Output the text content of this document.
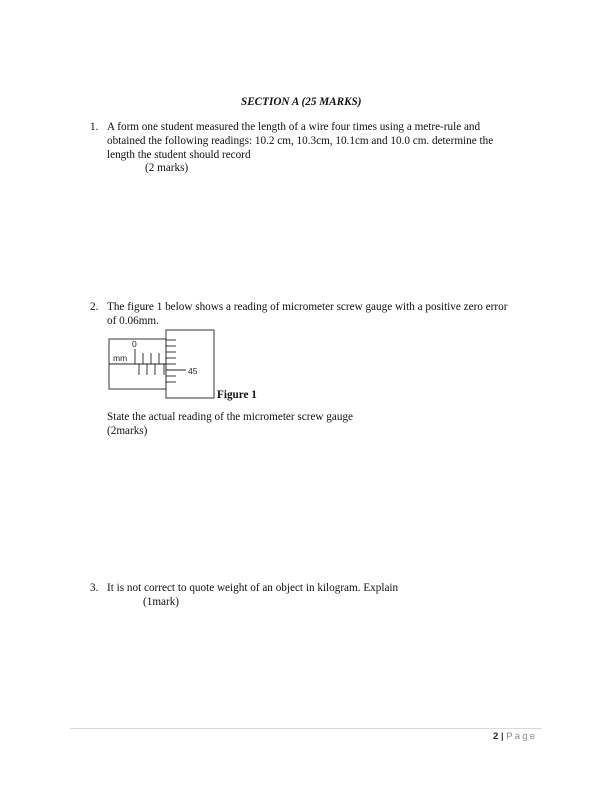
SECTION A (25 MARKS)
1. A form one student measured the length of a wire four times using a metre-rule and
obtained the following readings: 10.2 cm, 10.3cm, 10.1cm and 10.0 cm. determine the
length the student should record
(2 marks)
2. The figure 1 below shows a reading of micrometer screw gauge with a positive zero error
of 0.06mm.
0
mm
45
Figure 1
State the actual reading of the micrometer screw gauge
(2marks)
3. It is not correct to quote weight of an object in kilogram. Explain
(1mark)
2 | Page
